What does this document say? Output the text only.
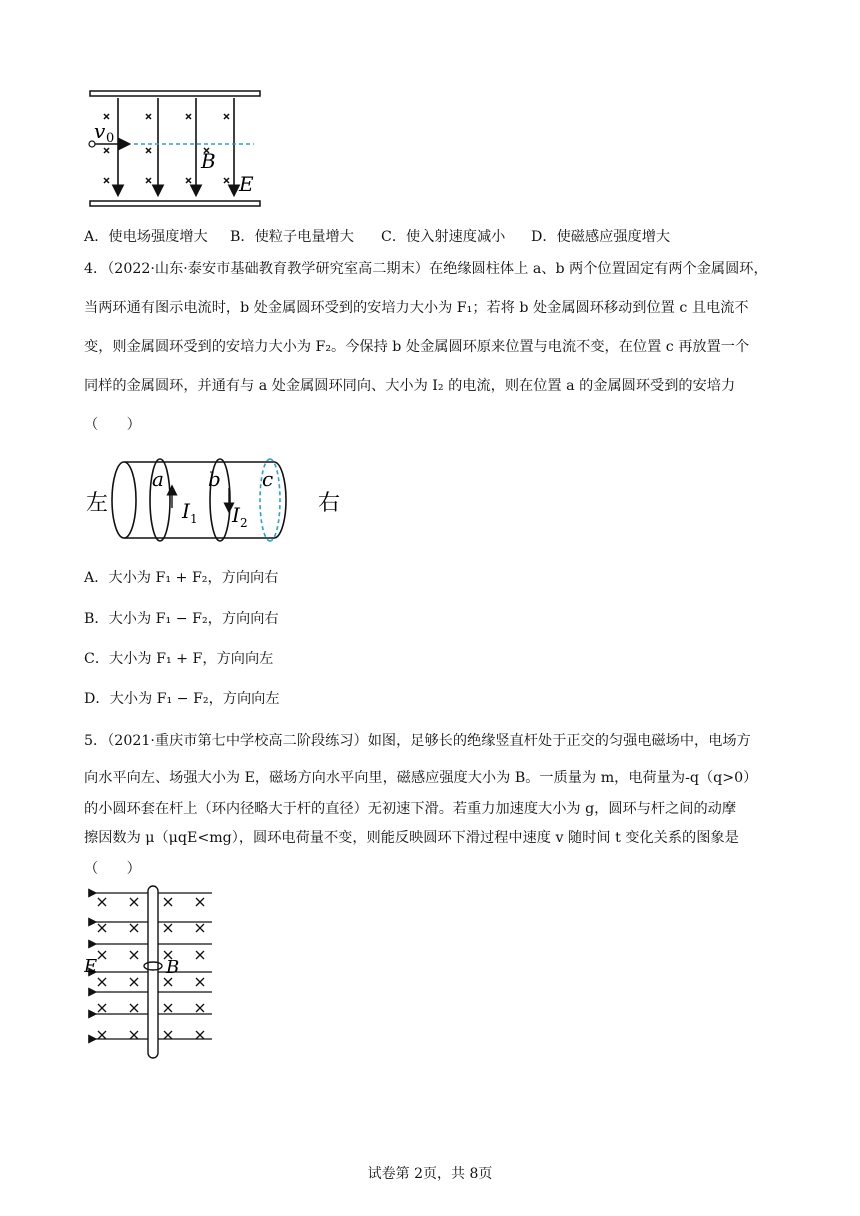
v 0
B
E
A．使电场强度增大 B．使粒子电量增大 C．使入射速度减小 D．使磁感应强度增大
4．（2022·山东·泰安市基础教育教学研究室高二期末）在绝缘圆柱体上 a、b 两个位置固定有两个金属圆环，
当两环通有图示电流时，b 处金属圆环受到的安培力大小为 F₁；若将 b 处金属圆环移动到位置 c 且电流不
变，则金属圆环受到的安培力大小为 F₂。今保持 b 处金属圆环原来位置与电流不变，在位置 c 再放置一个
同样的金属圆环，并通有与 a 处金属圆环同向、大小为 I₂ 的电流，则在位置 a 的金属圆环受到的安培力
（　　）
左	右
a b c
I 1 I 2
A．大小为 F₁ + F₂，方向向右
B．大小为 F₁ − F₂，方向向右
C．大小为 F₁ + F，方向向左
D．大小为 F₁ − F₂，方向向左
5．（2021·重庆市第七中学校高二阶段练习）如图，足够长的绝缘竖直杆处于正交的匀强电磁场中，电场方
向水平向左、场强大小为 E，磁场方向水平向里，磁感应强度大小为 B。一质量为 m，电荷量为-q（q>0）
的小圆环套在杆上（环内径略大于杆的直径）无初速下滑。若重力加速度大小为 g，圆环与杆之间的动摩
擦因数为 μ（μqE<mg），圆环电荷量不变，则能反映圆环下滑过程中速度 v 随时间 t 变化关系的图象是
（　　）
E	B
试卷第 2页，共 8页
